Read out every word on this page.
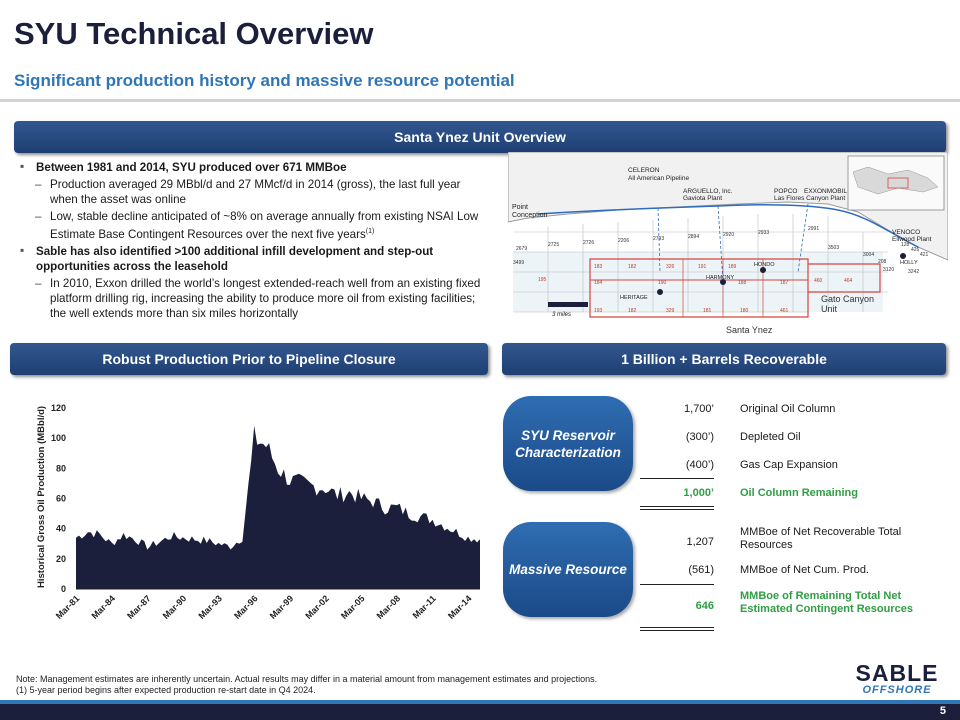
SYU Technical Overview
Significant production history and massive resource potential
Santa Ynez Unit Overview
▪ Between 1981 and 2014, SYU produced over 671 MMBoe
– Production averaged 29 MBbl/d and 27 MMcf/d in 2014 (gross), the last full year when the asset was online
– Low, stable decline anticipated of ~8% on average annually from existing NSAI Low Estimate Base Contingent Resources over the next five years$^{(1)}$
▪ Sable has also identified >100 additional infill development and step-out opportunities across the leasehold
– In 2010, Exxon drilled the world’s longest extended-reach well from an existing fixed platform drilling rig, increasing the ability to produce more oil from existing facilities; the well extends more than six miles horizontally
CELERON
All American Pipeline
ARGUELLO, Inc.
Gaviota Plant
POPCO EXXONMOBIL
Las Flores Canyon Plant
VENOCO
Ellwood Plant
Point
Conception
HONDO
HARMONY
HERITAGE
HOLLY
Gato Canyon
Unit
Santa Ynez
3 miles
2679
2725	2726	2206	2793	2894	2920	2933
3499
2991
3503
3004
208
3120	3242
128
426
421
183	182	326	191	189
195	184	190	188	187	460	464
193	182	329	181	180	461
Robust Production Prior to Pipeline Closure	1 Billion + Barrels Recoverable
Historical Gross Oil Production (MBbl/d)
0
20
40
60
80
100
120
Mar-81 Mar-84 Mar-87 Mar-90 Mar-93 Mar-96 Mar-99 Mar-02 Mar-05 Mar-08 Mar-11 Mar-14
SYU Reservoir Characterization
Massive Resource
1,700’ Original Oil Column
(300’) Depleted Oil
(400’) Gas Cap Expansion
1,000’ Oil Column Remaining
1,207
MMBoe of Net Recoverable Total Resources
(561) MMBoe of Net Cum. Prod.
646
MMBoe of Remaining Total Net Estimated Contingent Resources
Note: Management estimates are inherently uncertain. Actual results may differ in a material amount from management estimates and projections.
(1) 5-year period begins after expected production re-start date in Q4 2024.
SABLE
OFFSHORE
5
